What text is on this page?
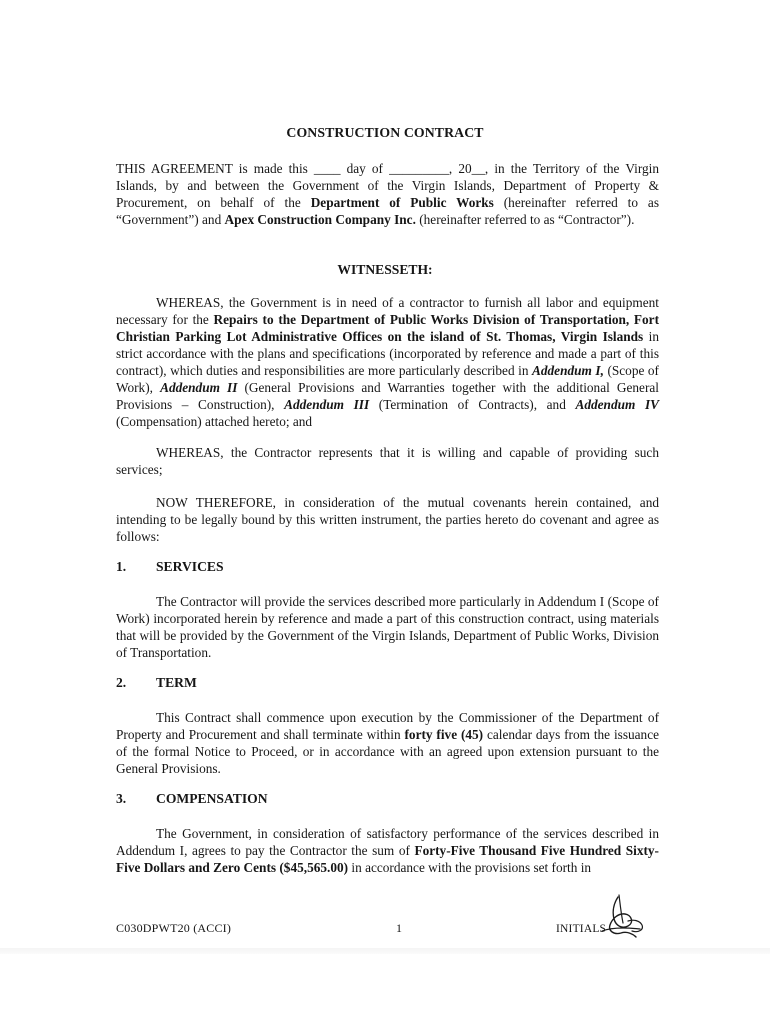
CONSTRUCTION CONTRACT
THIS AGREEMENT is made this ____ day of _________, 20__, in the Territory of the Virgin Islands, by and between the Government of the Virgin Islands, Department of Property & Procurement, on behalf of the Department of Public Works (hereinafter referred to as “Government”) and Apex Construction Company Inc. (hereinafter referred to as “Contractor”).
WITNESSETH:
WHEREAS, the Government is in need of a contractor to furnish all labor and equipment necessary for the Repairs to the Department of Public Works Division of Transportation, Fort Christian Parking Lot Administrative Offices on the island of St. Thomas, Virgin Islands in strict accordance with the plans and specifications (incorporated by reference and made a part of this contract), which duties and responsibilities are more particularly described in Addendum I, (Scope of Work), Addendum II (General Provisions and Warranties together with the additional General Provisions – Construction), Addendum III (Termination of Contracts), and Addendum IV (Compensation) attached hereto; and
WHEREAS, the Contractor represents that it is willing and capable of providing such services;
NOW THEREFORE, in consideration of the mutual covenants herein contained, and intending to be legally bound by this written instrument, the parties hereto do covenant and agree as follows:
1. SERVICES
The Contractor will provide the services described more particularly in Addendum I (Scope of Work) incorporated herein by reference and made a part of this construction contract, using materials that will be provided by the Government of the Virgin Islands, Department of Public Works, Division of Transportation.
2. TERM
This Contract shall commence upon execution by the Commissioner of the Department of Property and Procurement and shall terminate within forty five (45) calendar days from the issuance of the formal Notice to Proceed, or in accordance with an agreed upon extension pursuant to the General Provisions.
3. COMPENSATION
The Government, in consideration of satisfactory performance of the services described in Addendum I, agrees to pay the Contractor the sum of Forty-Five Thousand Five Hundred Sixty-Five Dollars and Zero Cents ($45,565.00) in accordance with the provisions set forth in
C030DPWT20 (ACCI)	1	INITIALS
